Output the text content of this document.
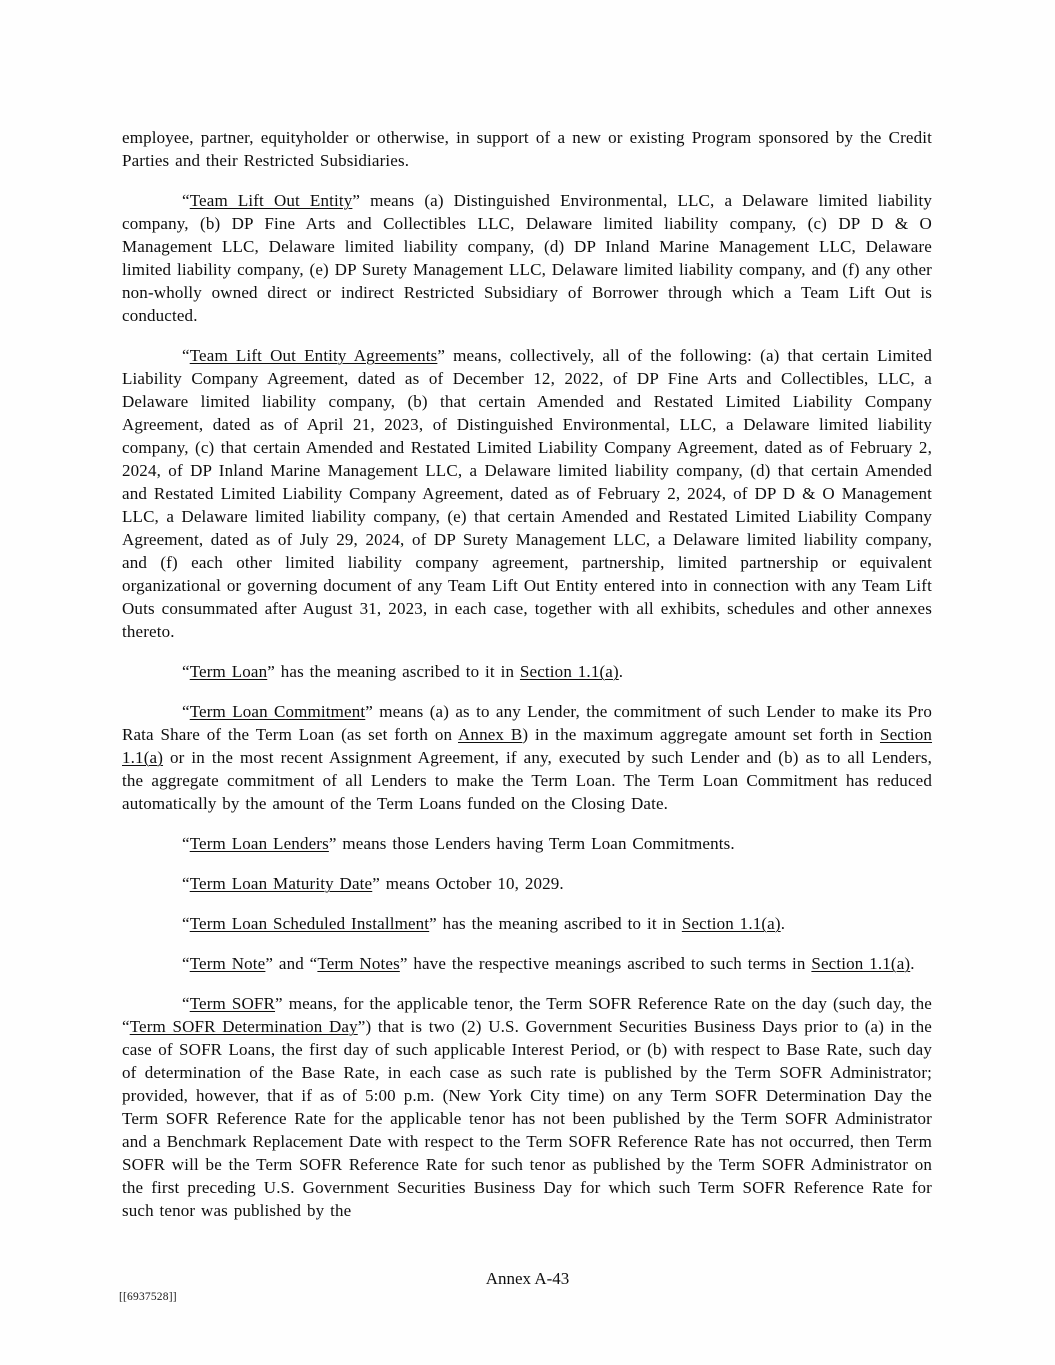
employee, partner, equityholder or otherwise, in support of a new or existing Program sponsored by the Credit Parties and their Restricted Subsidiaries.

“Team Lift Out Entity” means (a) Distinguished Environmental, LLC, a Delaware limited liability company, (b) DP Fine Arts and Collectibles LLC, Delaware limited liability company, (c) DP D & O Management LLC, Delaware limited liability company, (d) DP Inland Marine Management LLC, Delaware limited liability company, (e) DP Surety Management LLC, Delaware limited liability company, and (f) any other non-wholly owned direct or indirect Restricted Subsidiary of Borrower through which a Team Lift Out is conducted.

“Team Lift Out Entity Agreements” means, collectively, all of the following: (a) that certain Limited Liability Company Agreement, dated as of December 12, 2022, of DP Fine Arts and Collectibles, LLC, a Delaware limited liability company, (b) that certain Amended and Restated Limited Liability Company Agreement, dated as of April 21, 2023, of Distinguished Environmental, LLC, a Delaware limited liability company, (c) that certain Amended and Restated Limited Liability Company Agreement, dated as of February 2, 2024, of DP Inland Marine Management LLC, a Delaware limited liability company, (d) that certain Amended and Restated Limited Liability Company Agreement, dated as of February 2, 2024, of DP D & O Management LLC, a Delaware limited liability company, (e) that certain Amended and Restated Limited Liability Company Agreement, dated as of July 29, 2024, of DP Surety Management LLC, a Delaware limited liability company, and (f) each other limited liability company agreement, partnership, limited partnership or equivalent organizational or governing document of any Team Lift Out Entity entered into in connection with any Team Lift Outs consummated after August 31, 2023, in each case, together with all exhibits, schedules and other annexes thereto.

“Term Loan” has the meaning ascribed to it in Section 1.1(a).

“Term Loan Commitment” means (a) as to any Lender, the commitment of such Lender to make its Pro Rata Share of the Term Loan (as set forth on Annex B) in the maximum aggregate amount set forth in Section 1.1(a) or in the most recent Assignment Agreement, if any, executed by such Lender and (b) as to all Lenders, the aggregate commitment of all Lenders to make the Term Loan. The Term Loan Commitment has reduced automatically by the amount of the Term Loans funded on the Closing Date.

“Term Loan Lenders” means those Lenders having Term Loan Commitments.

“Term Loan Maturity Date” means October 10, 2029.

“Term Loan Scheduled Installment” has the meaning ascribed to it in Section 1.1(a).

“Term Note” and “Term Notes” have the respective meanings ascribed to such terms in Section 1.1(a).

“Term SOFR” means, for the applicable tenor, the Term SOFR Reference Rate on the day (such day, the “Term SOFR Determination Day”) that is two (2) U.S. Government Securities Business Days prior to (a) in the case of SOFR Loans, the first day of such applicable Interest Period, or (b) with respect to Base Rate, such day of determination of the Base Rate, in each case as such rate is published by the Term SOFR Administrator; provided, however, that if as of 5:00 p.m. (New York City time) on any Term SOFR Determination Day the Term SOFR Reference Rate for the applicable tenor has not been published by the Term SOFR Administrator and a Benchmark Replacement Date with respect to the Term SOFR Reference Rate has not occurred, then Term SOFR will be the Term SOFR Reference Rate for such tenor as published by the Term SOFR Administrator on the first preceding U.S. Government Securities Business Day for which such Term SOFR Reference Rate for such tenor was published by the

Annex A-43
[[6937528]]
